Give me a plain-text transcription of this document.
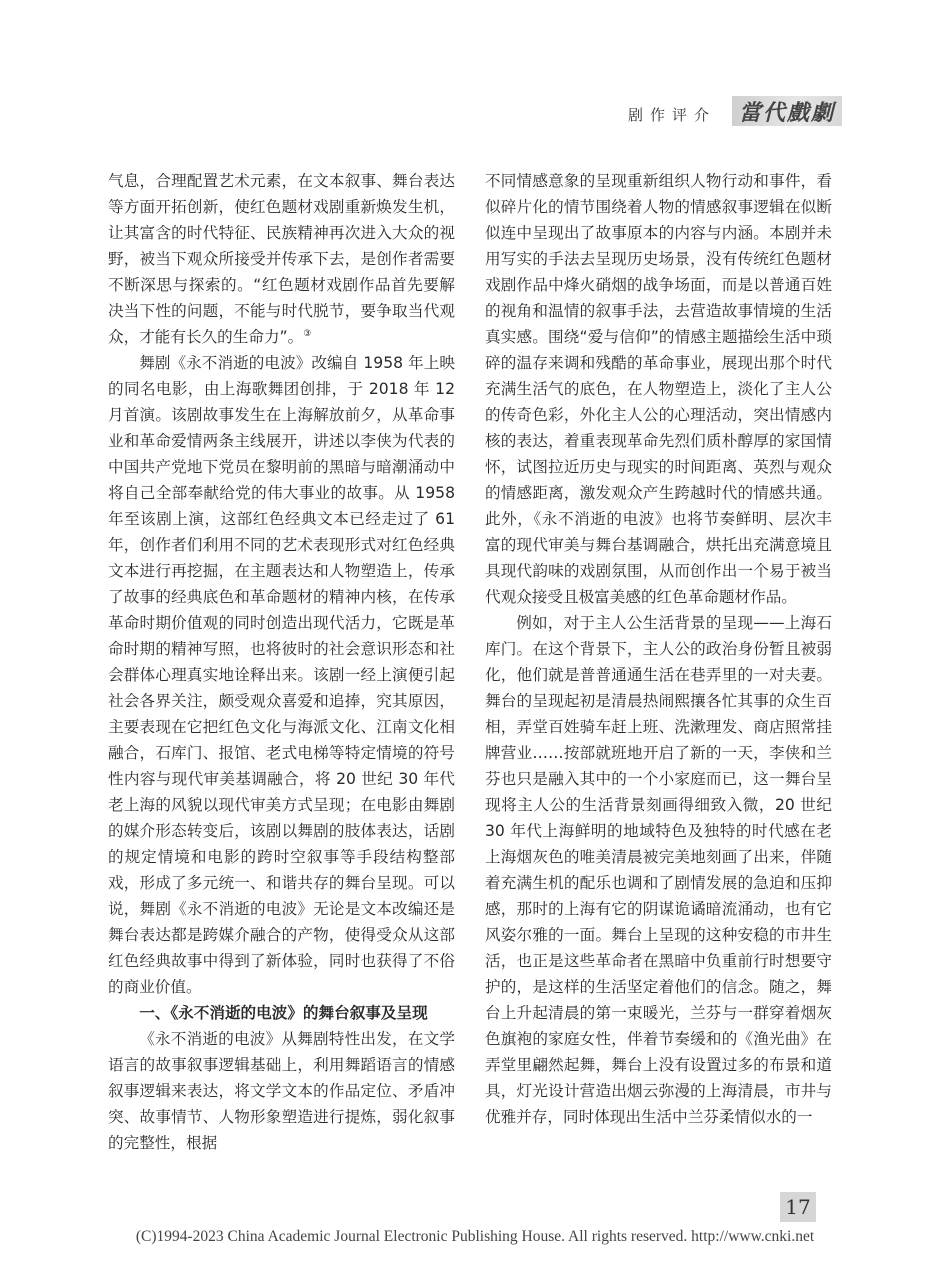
剧作评介	當代戲劇

气息，合理配置艺术元素，在文本叙事、舞台表达等方面开拓创新，使红色题材戏剧重新焕发生机，让其富含的时代特征、民族精神再次进入大众的视野，被当下观众所接受并传承下去，是创作者需要不断深思与探索的。“红色题材戏剧作品首先要解决当下性的问题，不能与时代脱节，要争取当代观众，才能有长久的生命力”。③

舞剧《永不消逝的电波》改编自 1958 年上映的同名电影，由上海歌舞团创排，于 2018 年 12 月首演。该剧故事发生在上海解放前夕，从革命事业和革命爱情两条主线展开，讲述以李侠为代表的中国共产党地下党员在黎明前的黑暗与暗潮涌动中将自己全部奉献给党的伟大事业的故事。从 1958 年至该剧上演，这部红色经典文本已经走过了 61 年，创作者们利用不同的艺术表现形式对红色经典文本进行再挖掘，在主题表达和人物塑造上，传承了故事的经典底色和革命题材的精神内核，在传承革命时期价值观的同时创造出现代活力，它既是革命时期的精神写照，也将彼时的社会意识形态和社会群体心理真实地诠释出来。该剧一经上演便引起社会各界关注，颇受观众喜爱和追捧，究其原因，主要表现在它把红色文化与海派文化、江南文化相融合，石库门、报馆、老式电梯等特定情境的符号性内容与现代审美基调融合，将 20 世纪 30 年代老上海的风貌以现代审美方式呈现；在电影由舞剧的媒介形态转变后，该剧以舞剧的肢体表达，话剧的规定情境和电影的跨时空叙事等手段结构整部戏，形成了多元统一、和谐共存的舞台呈现。可以说，舞剧《永不消逝的电波》无论是文本改编还是舞台表达都是跨媒介融合的产物，使得受众从这部红色经典故事中得到了新体验，同时也获得了不俗的商业价值。

一、《永不消逝的电波》的舞台叙事及呈现

《永不消逝的电波》从舞剧特性出发，在文学语言的故事叙事逻辑基础上，利用舞蹈语言的情感叙事逻辑来表达，将文学文本的作品定位、矛盾冲突、故事情节、人物形象塑造进行提炼，弱化叙事的完整性，根据

不同情感意象的呈现重新组织人物行动和事件，看似碎片化的情节围绕着人物的情感叙事逻辑在似断似连中呈现出了故事原本的内容与内涵。本剧并未用写实的手法去呈现历史场景，没有传统红色题材戏剧作品中烽火硝烟的战争场面，而是以普通百姓的视角和温情的叙事手法，去营造故事情境的生活真实感。围绕“爱与信仰”的情感主题描绘生活中琐碎的温存来调和残酷的革命事业，展现出那个时代充满生活气的底色，在人物塑造上，淡化了主人公的传奇色彩，外化主人公的心理活动，突出情感内核的表达，着重表现革命先烈们质朴醇厚的家国情怀，试图拉近历史与现实的时间距离、英烈与观众的情感距离，激发观众产生跨越时代的情感共通。此外，《永不消逝的电波》也将节奏鲜明、层次丰富的现代审美与舞台基调融合，烘托出充满意境且具现代韵味的戏剧氛围，从而创作出一个易于被当代观众接受且极富美感的红色革命题材作品。

例如，对于主人公生活背景的呈现——上海石库门。在这个背景下，主人公的政治身份暂且被弱化，他们就是普普通通生活在巷弄里的一对夫妻。舞台的呈现起初是清晨热闹熙攘各忙其事的众生百相，弄堂百姓骑车赶上班、洗漱理发、商店照常挂牌营业……按部就班地开启了新的一天，李侠和兰芬也只是融入其中的一个小家庭而已，这一舞台呈现将主人公的生活背景刻画得细致入微，20 世纪 30 年代上海鲜明的地域特色及独特的时代感在老上海烟灰色的唯美清晨被完美地刻画了出来，伴随着充满生机的配乐也调和了剧情发展的急迫和压抑感，那时的上海有它的阴谋诡谲暗流涌动，也有它风姿尔雅的一面。舞台上呈现的这种安稳的市井生活，也正是这些革命者在黑暗中负重前行时想要守护的，是这样的生活坚定着他们的信念。随之，舞台上升起清晨的第一束暖光，兰芬与一群穿着烟灰色旗袍的家庭女性，伴着节奏缓和的《渔光曲》在弄堂里翩然起舞，舞台上没有设置过多的布景和道具，灯光设计营造出烟云弥漫的上海清晨，市井与优雅并存，同时体现出生活中兰芬柔情似水的一

17
(C)1994-2023 China Academic Journal Electronic Publishing House. All rights reserved. http://www.cnki.net
